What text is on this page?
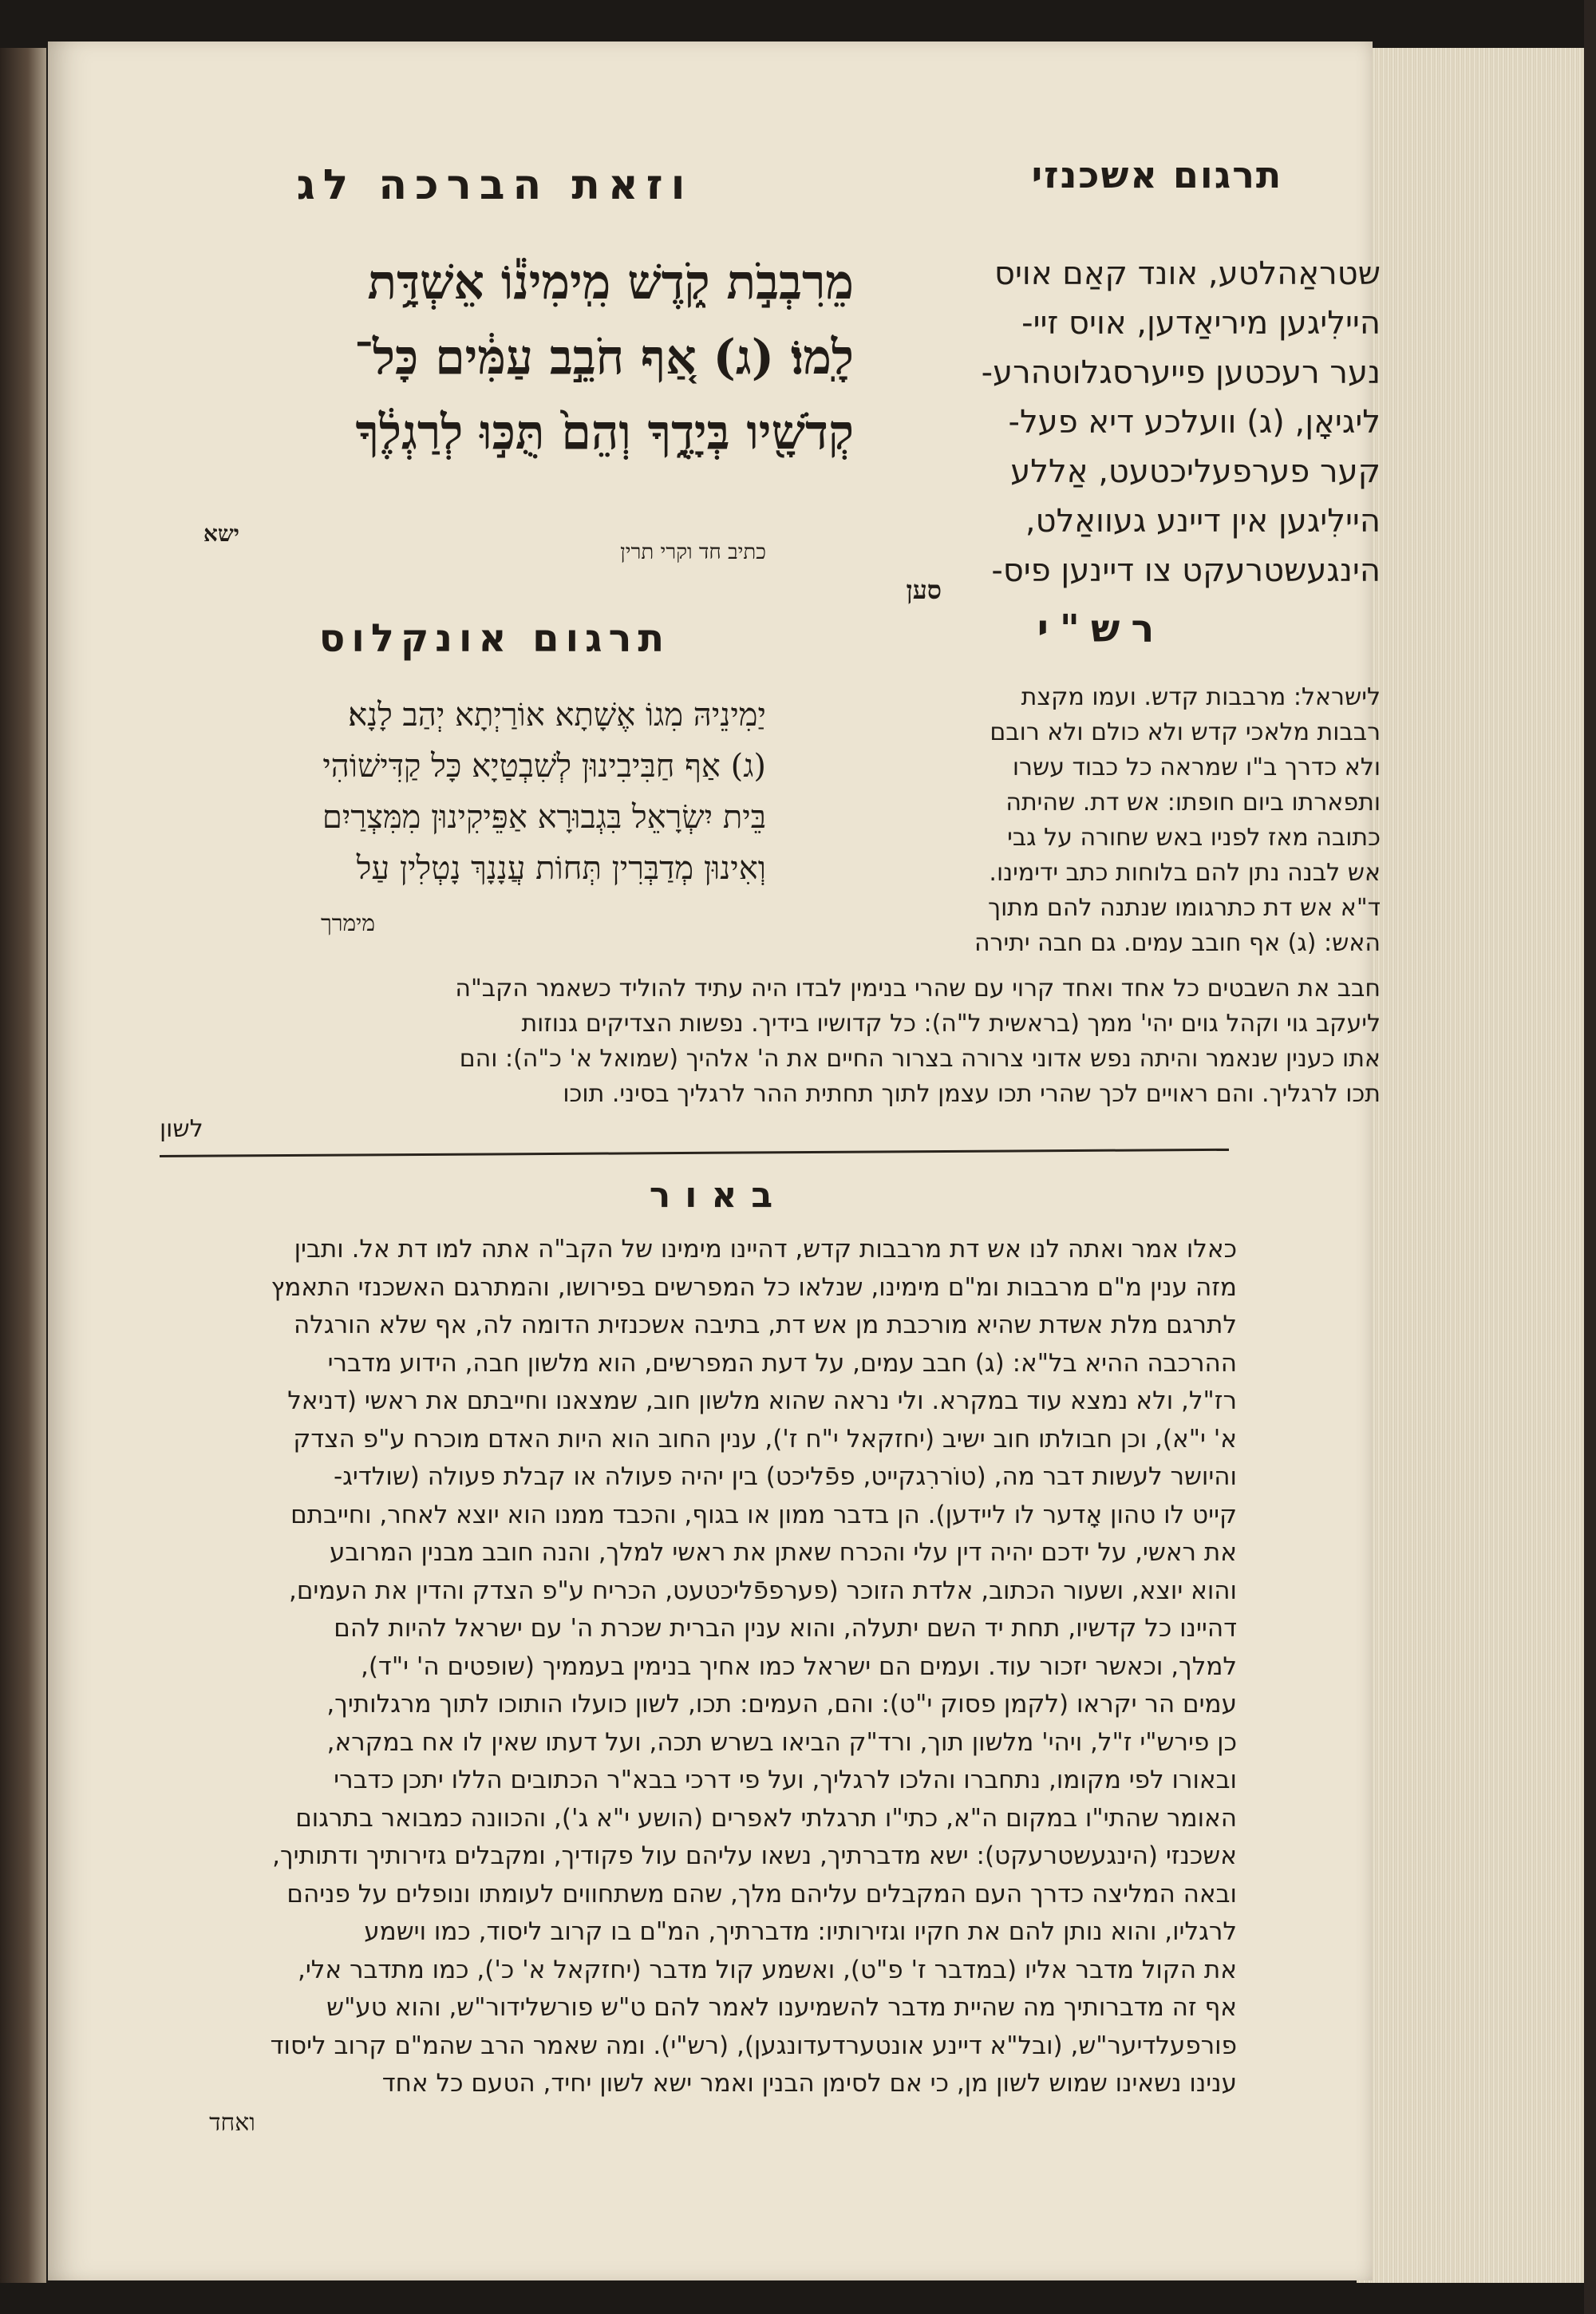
תרגום אשכנזי
וזאת הברכה לג
מֵרִבְבֹ֣ת קֹ֑דֶשׁ מִֽימִינ֕וֹ אֵשְׁדָּ֥ת
לָֽמוֹ׃ (ג) אַ֚ף חֹבֵ֣ב עַמִּ֔ים כָּל־
קְדֹשָׁ֖יו בְּיָדֶ֑ךָ וְהֵם֙ תֻּכּ֣וּ לְרַגְלֶ֔ךָ
ישא
כתיב חד וקרי תרין
שטראַהלטע, אונד קאַם אויס
היילִיגען מיריאַדען, אויס זיי-
נער רעכטען פייערסגלוטהרע-
ליגיאָן, (ג) וועלכע דיא פעל-
קער פערפעליכטעט, אַללע
היילִיגען אין דיינע געוואַלט,
הינגעשטרעקט צו דיינען פיס-
סען
רש"י
תרגום אונקלוס
יַמִינֵיהּ מִגוֹ אֶשָׁתָא אוֹרַיְתָא יְהַב לָנָא׃
(ג) אַף חַבִּיבִינוּן לְשִׁבְטַיָא כָּל קַדִּישׁוֹהִי
בֵּית יִשְׂרָאֵל בִּגְבוּרָא אַפֵּיקִינוּן מִמִּצְרַיִם
וְאִינוּן מְדַבְּרִין תְּחוֹת עֲנָנָךְ נָטְלִין עַל
מימרך
לישראל: מרבבות קדש. ועמו מקצת
רבבות מלאכי קדש ולא כולם ולא רובם
ולא כדרך ב"ו שמראה כל כבוד עשרו
ותפארתו ביום חופתו: אש דת. שהיתה
כתובה מאז לפניו באש שחורה על גבי
אש לבנה נתן להם בלוחות כתב ידימינו.
ד"א אש דת כתרגומו שנתנה להם מתוך
האש: (ג) אף חובב עמים. גם חבה יתירה
חבב את השבטים כל אחד ואחד קרוי עם שהרי בנימין לבדו היה עתיד להוליד כשאמר הקב"ה
ליעקב גוי וקהל גוים יהי' ממך (בראשית ל"ה): כל קדושיו בידיך. נפשות הצדיקים גנוזות
אתו כענין שנאמר והיתה נפש אדוני צרורה בצרור החיים את ה' אלהיך (שמואל א' כ"ה): והם
תכו לרגליך. והם ראויים לכך שהרי תכו עצמן לתוך תחתית ההר לרגליך בסיני. תוכו
לשון
באור
כאלו אמר ואתה לנו אש דת מרבבות קדש, דהיינו מימינו של הקב"ה אתה למו דת אל. ותבין
מזה ענין מ"ם מרבבות ומ"ם מימינו, שנלאו כל המפרשים בפירושו, והמתרגם האשכנזי התאמץ
לתרגם מלת אשדת שהיא מורכבת מן אש דת, בתיבה אשכנזית הדומה לה, אף שלא הורגלה
ההרכבה ההיא בל"א: (ג) חבב עמים, על דעת המפרשים, הוא מלשון חבה, הידוע מדברי
רז"ל, ולא נמצא עוד במקרא. ולי נראה שהוא מלשון חוב, שמצאנו וחייבתם את ראשי (דניאל
א' י"א), וכן חבולתו חוב ישיב (יחזקאל י"ח ז'), ענין החוב הוא היות האדם מוכרח ע"פ הצדק
והיושר לעשות דבר מה, (טוֹררִגקייט, פפֿליכט) בין יהיה פעולה או קבלת פעולה (שולדיג-
קייט לו טהון אָדער לו ליידען). הן בדבר ממון או בגוף, והכבד ממנו הוא יוצא לאחר, וחייבתם
את ראשי, על ידכם יהיה דין עלי והכרח שאתן את ראשי למלך, והנה חובב מבנין המרובע
והוא יוצא, ושעור הכתוב, אלדת הזוכר (פערפפֿליכטעט, הכריח ע"פ הצדק והדין את העמים,
דהיינו כל קדשיו, תחת יד השם יתעלה, והוא ענין הברית שכרת ה' עם ישראל להיות להם
למלך, וכאשר יזכור עוד. ועמים הם ישראל כמו אחיך בנימין בעממיך (שופטים ה' י"ד),
עמים הר יקראו (לקמן פסוק י"ט): והם, העמים: תכו, לשון כועלו הותוכו לתוך מרגלותיך,
כן פירש"י ז"ל, ויהי' מלשון תוך, ורד"ק הביאו בשרש תכה, ועל דעתו שאין לו אח במקרא,
ובאורו לפי מקומו, נתחברו והלכו לרגליך, ועל פי דרכי בבא"ר הכתובים הללו יתכן כדברי
האומר שהתי"ו במקום ה"א, כתי"ו תרגלתי לאפרים (הושע י"א ג'), והכוונה כמבואר בתרגום
אשכנזי (הינגעשטרעקט): ישא מדברתיך, נשאו עליהם עול פקודיך, ומקבלים גזירותיך ודתותיך,
ובאה המליצה כדרך העם המקבלים עליהם מלך, שהם משתחווים לעומתו ונופלים על פניהם
לרגליו, והוא נותן להם את חקיו וגזירותיו: מדברתיך, המ"ם בו קרוב ליסוד, כמו וישמע
את הקול מדבר אליו (במדבר ז' פ"ט), ואשמע קול מדבר (יחזקאל א' כ'), כמו מתדבר אלי,
אף זה מדברותיך מה שהיית מדבר להשמיענו לאמר להם ט"ש פורשלידור"ש, והוא טע"ש
פורפעלדיער"ש, (ובל"א דיינע אונטערדעדונגען), (רש"י). ומה שאמר הרב שהמ"ם קרוב ליסוד
ענינו נשאינו שמוש לשון מן, כי אם לסימן הבנין ואמר ישא לשון יחיד, הטעם כל אחד
ואחד
